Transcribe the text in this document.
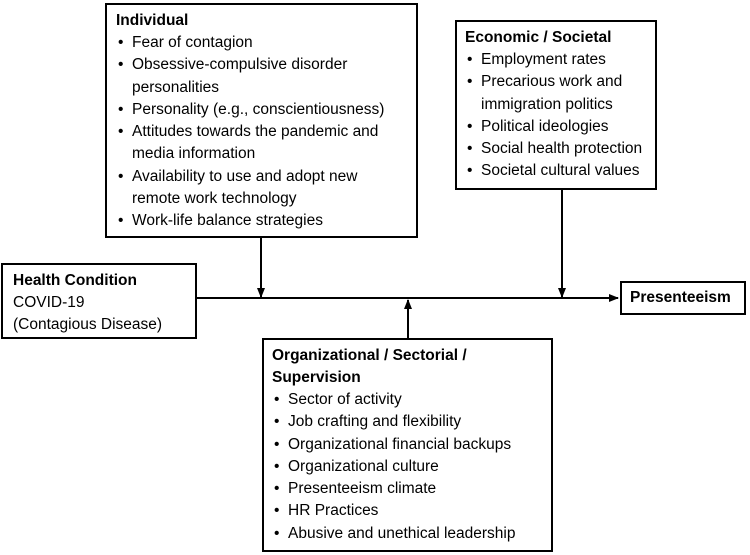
Individual
• Fear of contagion
• Obsessive-compulsive disorder personalities
• Personality (e.g., conscientiousness)
• Attitudes towards the pandemic and media information
• Availability to use and adopt new remote work technology
• Work-life balance strategies
Economic / Societal
• Employment rates
• Precarious work and immigration politics
• Political ideologies
• Social health protection
• Societal cultural values
Health Condition
COVID-19
(Contagious Disease)
Presenteeism
Organizational / Sectorial / Supervision
• Sector of activity
• Job crafting and flexibility
• Organizational financial backups
• Organizational culture
• Presenteeism climate
• HR Practices
• Abusive and unethical leadership
